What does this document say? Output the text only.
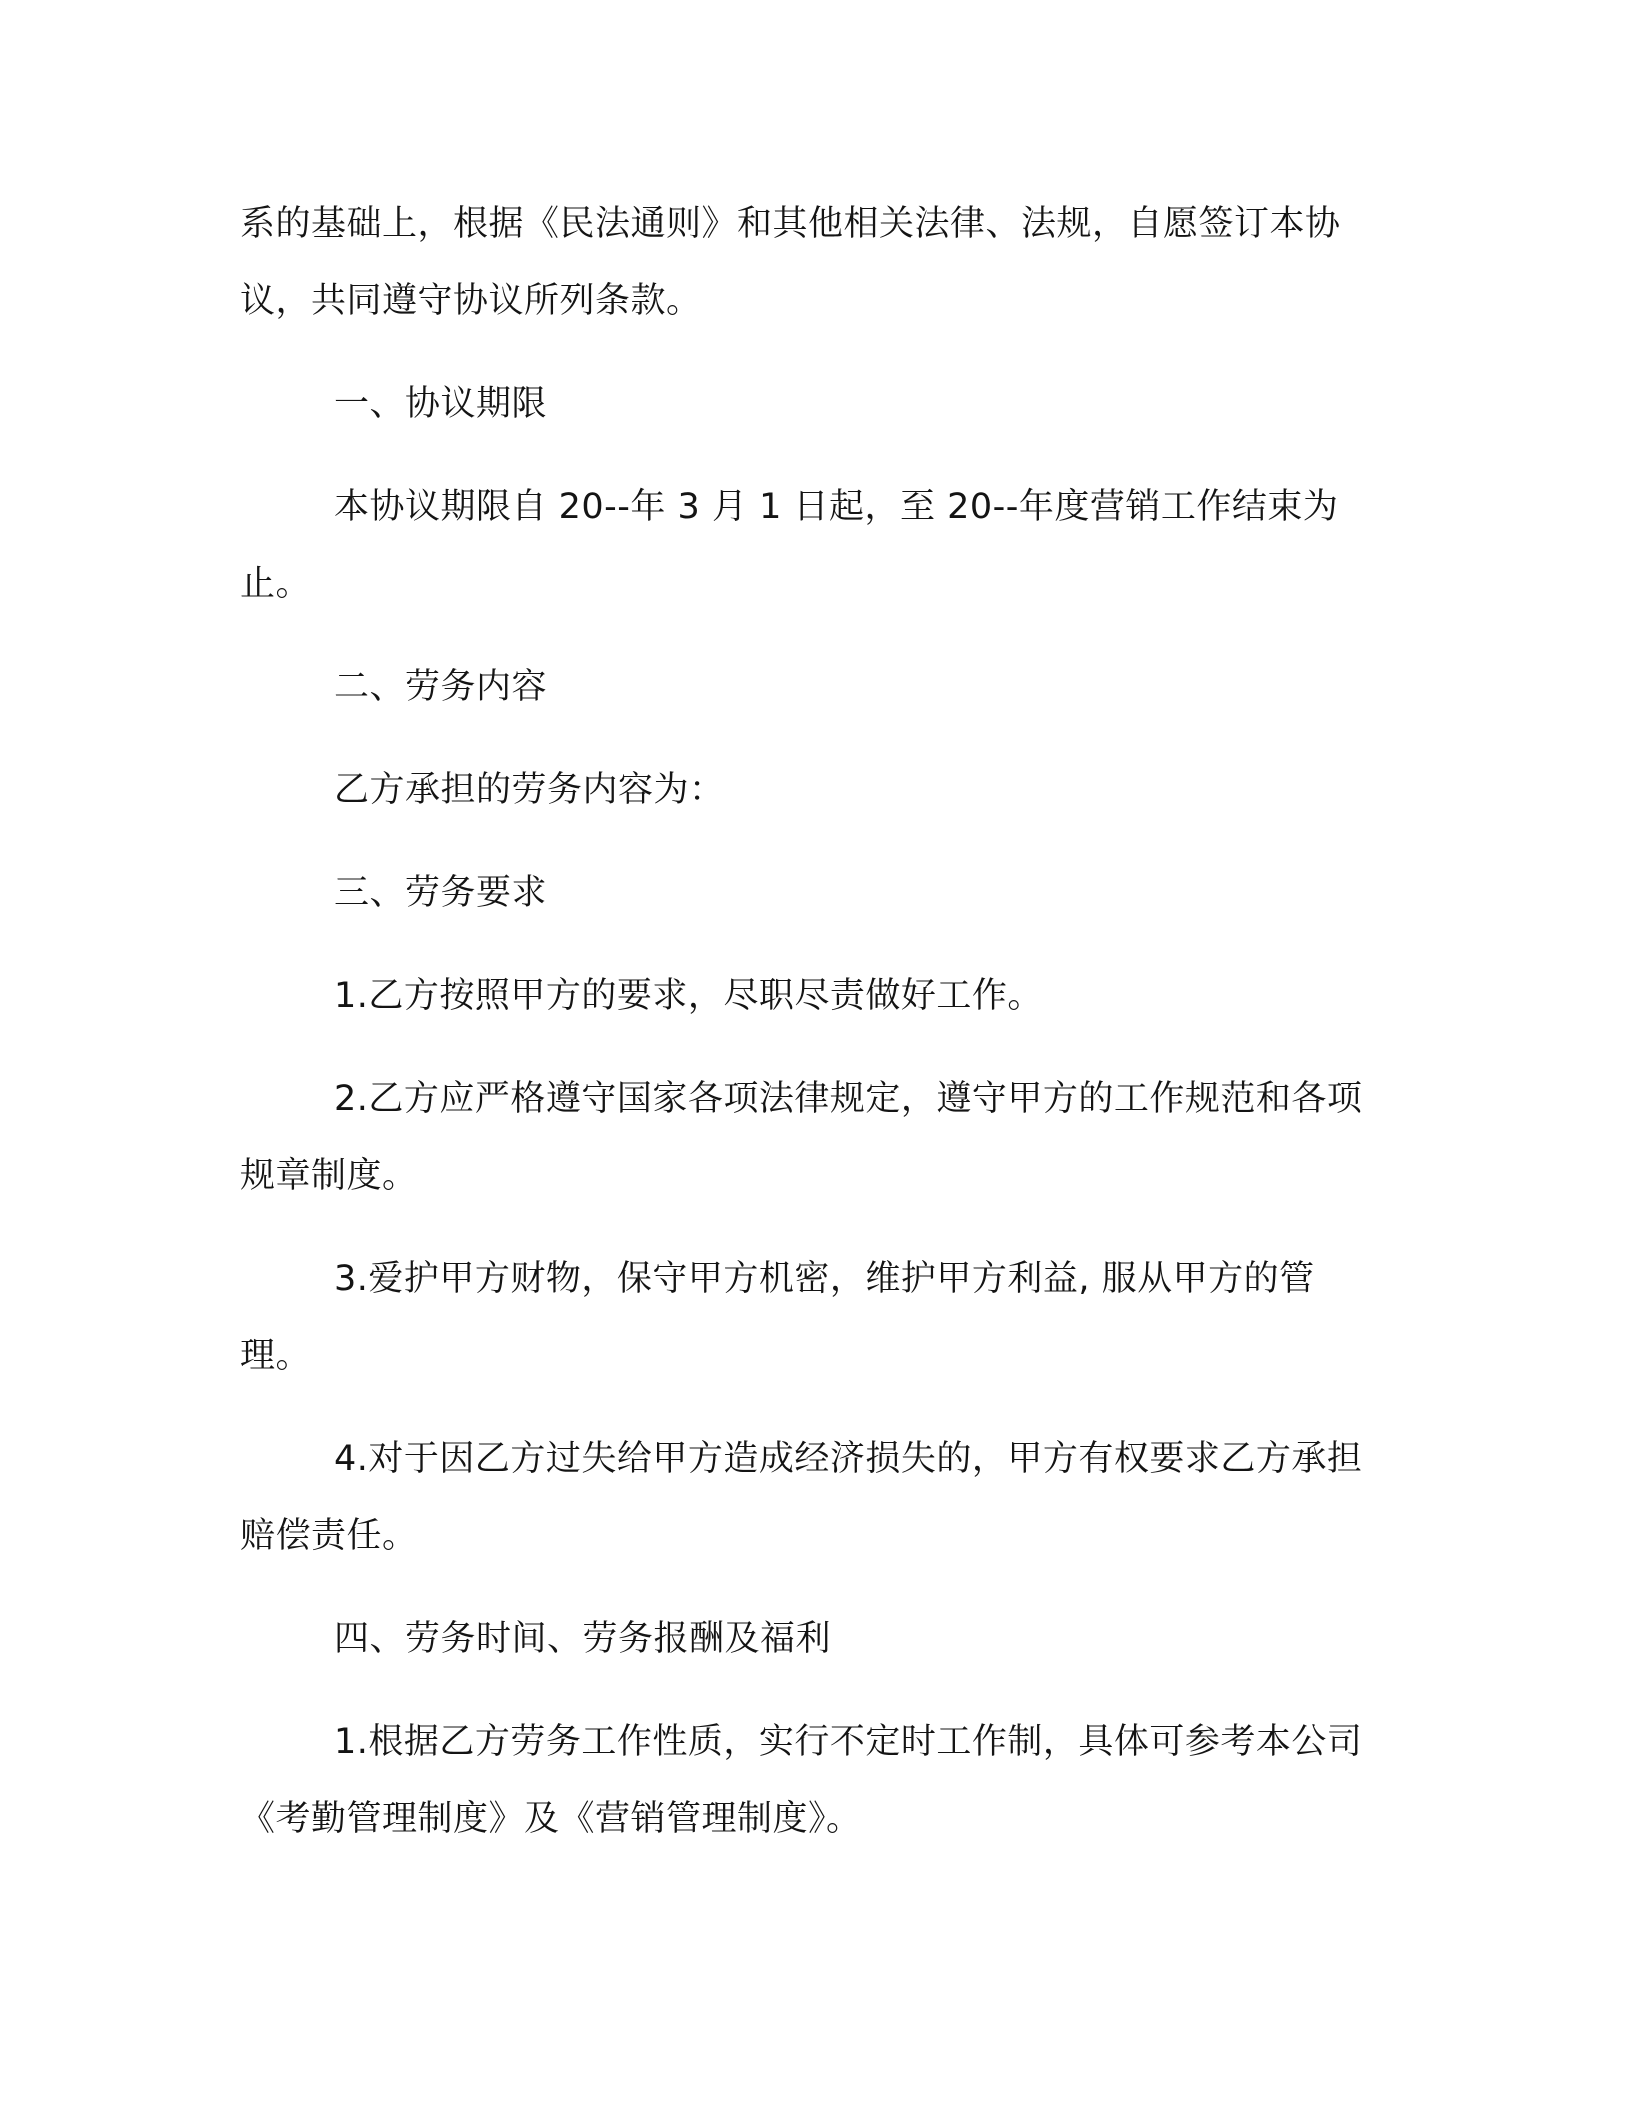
系的基础上，根据《民法通则》和其他相关法律、法规，自愿签订本协议，共同遵守协议所列条款。

一、协议期限

本协议期限自 20--年 3 月 1 日起，至 20--年度营销工作结束为止。

二、劳务内容

乙方承担的劳务内容为：

三、劳务要求

1.乙方按照甲方的要求，尽职尽责做好工作。

2.乙方应严格遵守国家各项法律规定，遵守甲方的工作规范和各项规章制度。

3.爱护甲方财物，保守甲方机密，维护甲方利益, 服从甲方的管理。

4.对于因乙方过失给甲方造成经济损失的，甲方有权要求乙方承担赔偿责任。

四、劳务时间、劳务报酬及福利

1.根据乙方劳务工作性质，实行不定时工作制，具体可参考本公司《考勤管理制度》及《营销管理制度》。
